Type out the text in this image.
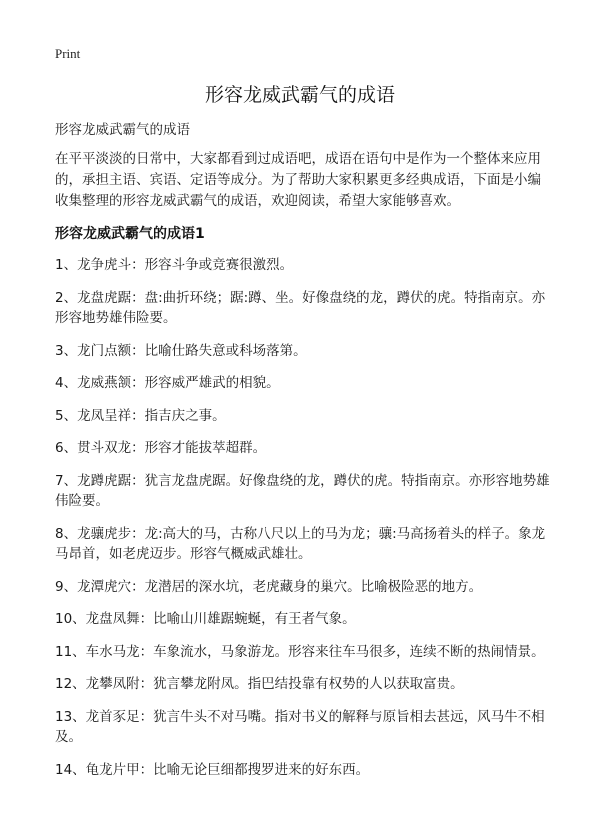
Print
形容龙威武霸气的成语

形容龙威武霸气的成语

在平平淡淡的日常中，大家都看到过成语吧，成语在语句中是作为一个整体来应用的，承担主语、宾语、定语等成分。为了帮助大家积累更多经典成语，下面是小编收集整理的形容龙威武霸气的成语，欢迎阅读，希望大家能够喜欢。

形容龙威武霸气的成语1

1、龙争虎斗：形容斗争或竞赛很激烈。

2、龙盘虎踞：盘:曲折环绕；踞:蹲、坐。好像盘绕的龙，蹲伏的虎。特指南京。亦形容地势雄伟险要。

3、龙门点额：比喻仕路失意或科场落第。

4、龙威燕颔：形容威严雄武的相貌。

5、龙凤呈祥：指吉庆之事。

6、贯斗双龙：形容才能拔萃超群。

7、龙蹲虎踞：犹言龙盘虎踞。好像盘绕的龙，蹲伏的虎。特指南京。亦形容地势雄伟险要。

8、龙骧虎步：龙:高大的马，古称八尺以上的马为龙；骧:马高扬着头的样子。象龙马昂首，如老虎迈步。形容气概威武雄壮。

9、龙潭虎穴：龙潜居的深水坑，老虎藏身的巢穴。比喻极险恶的地方。

10、龙盘凤舞：比喻山川雄踞蜿蜒，有王者气象。

11、车水马龙：车象流水，马象游龙。形容来往车马很多，连续不断的热闹情景。

12、龙攀凤附：犹言攀龙附凤。指巴结投靠有权势的人以获取富贵。

13、龙首豕足：犹言牛头不对马嘴。指对书义的解释与原旨相去甚远，风马牛不相及。

14、龟龙片甲：比喻无论巨细都搜罗进来的好东西。
